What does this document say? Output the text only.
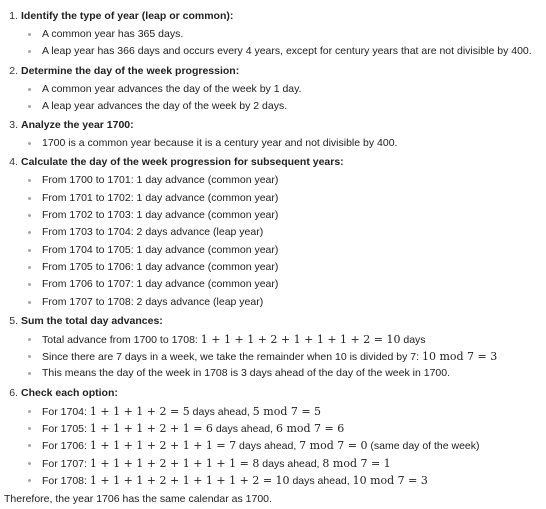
1. Identify the type of year (leap or common):
A common year has 365 days.
A leap year has 366 days and occurs every 4 years, except for century years that are not divisible by 400.
2. Determine the day of the week progression:
A common year advances the day of the week by 1 day.
A leap year advances the day of the week by 2 days.
3. Analyze the year 1700:
1700 is a common year because it is a century year and not divisible by 400.
4. Calculate the day of the week progression for subsequent years:
From 1700 to 1701: 1 day advance (common year)
From 1701 to 1702: 1 day advance (common year)
From 1702 to 1703: 1 day advance (common year)
From 1703 to 1704: 2 days advance (leap year)
From 1704 to 1705: 1 day advance (common year)
From 1705 to 1706: 1 day advance (common year)
From 1706 to 1707: 1 day advance (common year)
From 1707 to 1708: 2 days advance (leap year)
5. Sum the total day advances:
Total advance from 1700 to 1708: 1 + 1 + 1 + 2 + 1 + 1 + 1 + 2 = 10 days
Since there are 7 days in a week, we take the remainder when 10 is divided by 7: 10 mod 7 = 3
This means the day of the week in 1708 is 3 days ahead of the day of the week in 1700.
6. Check each option:
For 1704: 1 + 1 + 1 + 2 = 5 days ahead, 5 mod 7 = 5
For 1705: 1 + 1 + 1 + 2 + 1 = 6 days ahead, 6 mod 7 = 6
For 1706: 1 + 1 + 1 + 2 + 1 + 1 = 7 days ahead, 7 mod 7 = 0 (same day of the week)
For 1707: 1 + 1 + 1 + 2 + 1 + 1 + 1 = 8 days ahead, 8 mod 7 = 1
For 1708: 1 + 1 + 1 + 2 + 1 + 1 + 1 + 2 = 10 days ahead, 10 mod 7 = 3
Therefore, the year 1706 has the same calendar as 1700.
